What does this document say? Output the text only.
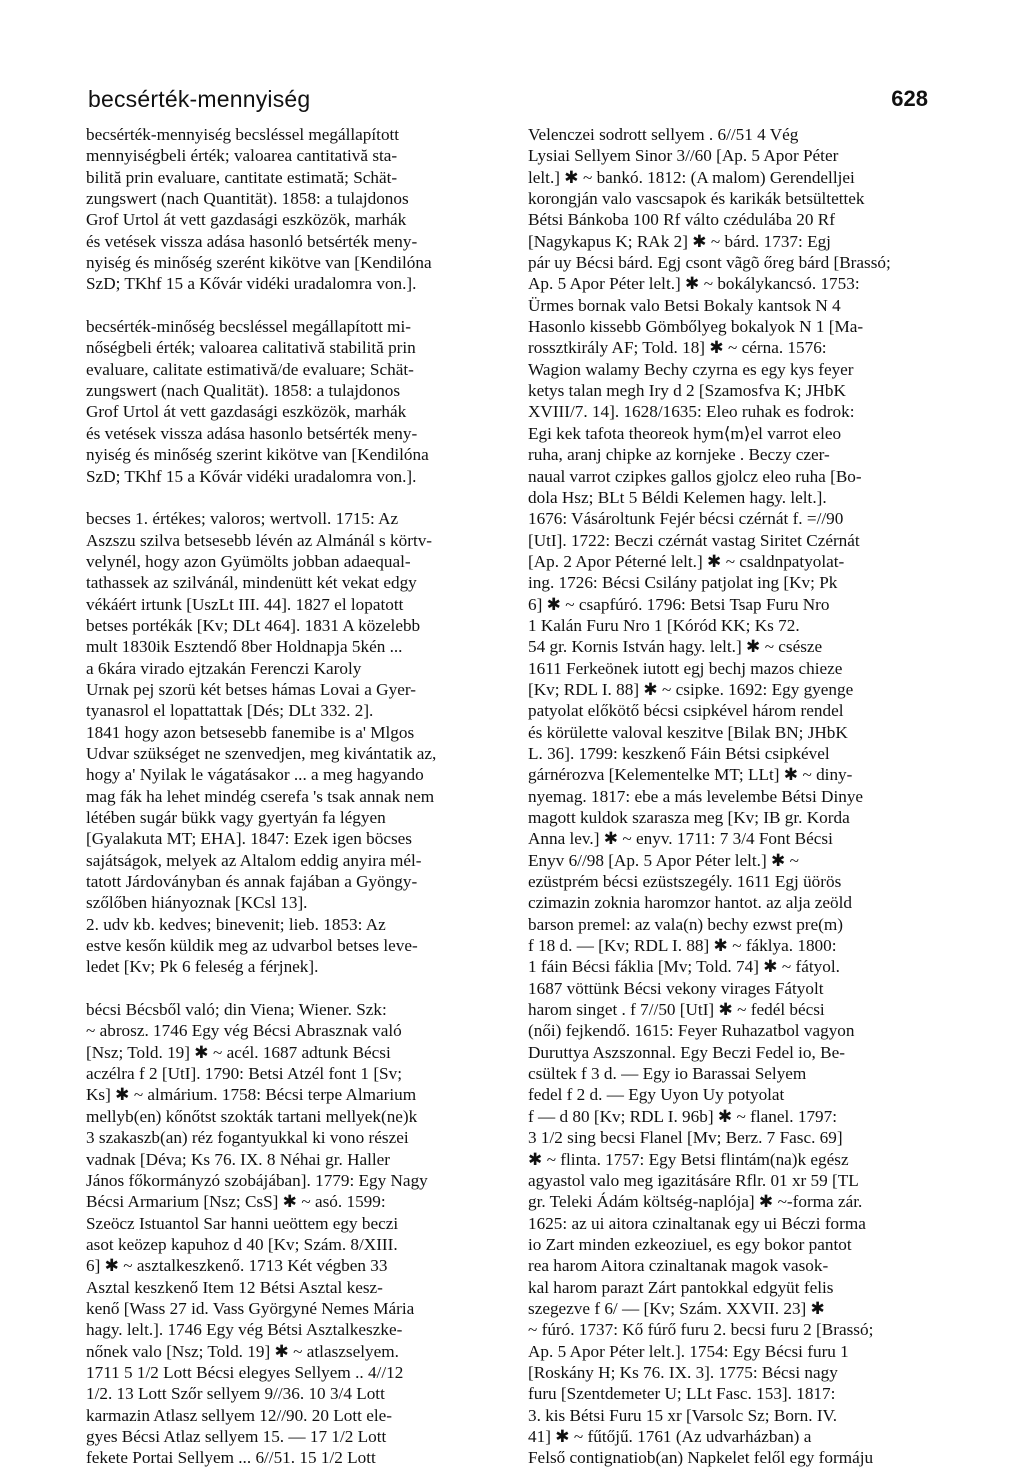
becsérték-mennyiség	628
becsérték-mennyiség becsléssel megállapított
mennyiségbeli érték; valoarea cantitativă sta-
bilită prin evaluare, cantitate estimată; Schät-
zungswert (nach Quantität). 1858: a tulajdonos
Grof Urtol át vett gazdasági eszközök, marhák
és vetések vissza adása hasonló betsérték meny-
nyiség és minőség szerént kikötve van [Kendilóna
SzD; TKhf 15 a Kővár vidéki uradalomra von.].
becsérték-minőség becsléssel megállapított mi-
nőségbeli érték; valoarea calitativă stabilită prin
evaluare, calitate estimativă/de evaluare; Schät-
zungswert (nach Qualität). 1858: a tulajdonos
Grof Urtol át vett gazdasági eszközök, marhák
és vetések vissza adása hasonlo betsérték meny-
nyiség és minőség szerint kikötve van [Kendilóna
SzD; TKhf 15 a Kővár vidéki uradalomra von.].
becses 1. értékes; valoros; wertvoll. 1715: Az
Aszszu szilva betsesebb lévén az Almánál s körtv-
velynél, hogy azon Gyümölts jobban adaequal-
tathassek az szilvánál, mindenütt két vekat edgy
vékáért irtunk [UszLt III. 44]. 1827 el lopatott
betses portékák [Kv; DLt 464]. 1831 A közelebb
mult 1830ik Esztendő 8ber Holdnapja 5kén ...
a 6kára virado ejtzakán Ferenczi Karoly
Urnak pej szorü két betses hámas Lovai a Gyer-
tyanasrol el lopattattak [Dés; DLt 332. 2].
1841 hogy azon betsesebb fanemibe is a' Mlgos
Udvar szükséget ne szenvedjen, meg kivántatik az,
hogy a' Nyilak le vágatásakor ... a meg hagyando
mag fák ha lehet mindég cserefa 's tsak annak nem
létében sugár bükk vagy gyertyán fa légyen
[Gyalakuta MT; EHA]. 1847: Ezek igen böcses
sajátságok, melyek az Altalom eddig anyira mél-
tatott Járdoványban és annak fajában a Gyöngy-
szőlőben hiányoznak [KCsl 13].
2. udv kb. kedves; binevenit; lieb. 1853: Az
estve kesőn küldik meg az udvarbol betses leve-
ledet [Kv; Pk 6 feleség a férjnek].
bécsi Bécsből való; din Viena; Wiener. Szk:
~ abrosz. 1746 Egy vég Bécsi Abrasznak való
[Nsz; Told. 19] ✱ ~ acél. 1687 adtunk Bécsi
aczélra f 2 [UtI]. 1790: Betsi Atzél font 1 [Sv;
Ks] ✱ ~ almárium. 1758: Bécsi terpe Almarium
mellyb(en) kőnőtst szokták tartani mellyek(ne)k
3 szakaszb(an) réz fogantyukkal ki vono részei
vadnak [Déva; Ks 76. IX. 8 Néhai gr. Haller
János főkormányzó szobájában]. 1779: Egy Nagy
Bécsi Armarium [Nsz; CsS] ✱ ~ asó. 1599:
Szeöcz Istuantol Sar hanni ueöttem egy beczi
asot keözep kapuhoz d 40 [Kv; Szám. 8/XIII.
6] ✱ ~ asztalkeszkenő. 1713 Két végben 33
Asztal keszkenő Item 12 Bétsi Asztal kesz-
kenő [Wass 27 id. Vass Györgyné Nemes Mária
hagy. lelt.]. 1746 Egy vég Bétsi Asztalkeszke-
nőnek valo [Nsz; Told. 19] ✱ ~ atlaszselyem.
1711 5 1/2 Lott Bécsi elegyes Sellyem .. 4//12
1/2. 13 Lott Szőr sellyem 9//36. 10 3/4 Lott
karmazin Atlasz sellyem 12//90. 20 Lott ele-
gyes Bécsi Atlaz sellyem 15. — 17 1/2 Lott
fekete Portai Sellyem ... 6//51. 15 1/2 Lott
Velenczei sodrott sellyem . 6//51 4 Vég
Lysiai Sellyem Sinor 3//60 [Ap. 5 Apor Péter
lelt.] ✱ ~ bankó. 1812: (A malom) Gerendelljei
korongján valo vascsapok és karikák betsültettek
Bétsi Bánkoba 100 Rf válto czédulába 20 Rf
[Nagykapus K; RAk 2] ✱ ~ bárd. 1737: Egj
pár uy Bécsi bárd. Egj csont vãgõ őreg bárd [Brassó;
Ap. 5 Apor Péter lelt.] ✱ ~ bokálykancsó. 1753:
Ürmes bornak valo Betsi Bokaly kantsok N 4
Hasonlo kissebb Gömbőlyeg bokalyok N 1 [Ma-
rossztkirály AF; Told. 18] ✱ ~ cérna. 1576:
Wagion walamy Bechy czyrna es egy kys feyer
ketys talan megh Iry d 2 [Szamosfva K; JHbK
XVIII/7. 14]. 1628/1635: Eleo ruhak es fodrok:
Egi kek tafota theoreok hym⟨m⟩el varrot eleo
ruha, aranj chipke az kornjeke . Beczy czer-
naual varrot czipkes gallos gjolcz eleo ruha [Bo-
dola Hsz; BLt 5 Béldi Kelemen hagy. lelt.].
1676: Vásároltunk Fejér bécsi czérnát f. =//90
[UtI]. 1722: Beczi czérnát vastag Siritet Czérnát
[Ap. 2 Apor Péterné lelt.] ✱ ~ csaldnpatyolat-
ing. 1726: Bécsi Csilány patjolat ing [Kv; Pk
6] ✱ ~ csapfúró. 1796: Betsi Tsap Furu Nro
1 Kalán Furu Nro 1 [Kóród KK; Ks 72.
54 gr. Kornis István hagy. lelt.] ✱ ~ csésze
1611 Ferkeönek iutott egj bechj mazos chieze
[Kv; RDL I. 88] ✱ ~ csipke. 1692: Egy gyenge
patyolat előkötő bécsi csipkével három rendel
és körülette valoval keszitve [Bilak BN; JHbK
L. 36]. 1799: keszkenő Fáin Bétsi csipkével
gárnérozva [Kelementelke MT; LLt] ✱ ~ diny-
nyemag. 1817: ebe a más levelembe Bétsi Dinye
magott kuldok szarasza meg [Kv; IB gr. Korda
Anna lev.] ✱ ~ enyv. 1711: 7 3/4 Font Bécsi
Enyv 6//98 [Ap. 5 Apor Péter lelt.] ✱ ~
ezüstprém bécsi ezüstszegély. 1611 Egj üörös
czimazin zoknia haromzor hantot. az alja zeöld
barson premel: az vala(n) bechy ezwst pre(m)
f 18 d. — [Kv; RDL I. 88] ✱ ~ fáklya. 1800:
1 fáin Bécsi fáklia [Mv; Told. 74] ✱ ~ fátyol.
1687 vöttünk Bécsi vekony virages Fátyolt
harom singet . f 7//50 [UtI] ✱ ~ fedél bécsi
(női) fejkendő. 1615: Feyer Ruhazatbol vagyon
Duruttya Aszszonnal. Egy Beczi Fedel io, Be-
csültek f 3 d. — Egy io Barassai Selyem
fedel f 2 d. — Egy Uyon Uy potyolat
f — d 80 [Kv; RDL I. 96b] ✱ ~ flanel. 1797:
3 1/2 sing becsi Flanel [Mv; Berz. 7 Fasc. 69]
✱ ~ flinta. 1757: Egy Betsi flintám(na)k egész
agyastol valo meg igazitásáre Rflr. 01 xr 59 [TL
gr. Teleki Ádám költség-naplója] ✱ ~-forma zár.
1625: az ui aitora czinaltanak egy ui Béczi forma
io Zart minden ezkeoziuel, es egy bokor pantot
rea harom Aitora czinaltanak magok vasok-
kal harom parazt Zárt pantokkal edgyüt felis
szegezve f 6/ — [Kv; Szám. XXVII. 23] ✱
~ fúró. 1737: Kő fúrő furu 2. becsi furu 2 [Brassó;
Ap. 5 Apor Péter lelt.]. 1754: Egy Bécsi furu 1
[Roskány H; Ks 76. IX. 3]. 1775: Bécsi nagy
furu [Szentdemeter U; LLt Fasc. 153]. 1817:
3. kis Bétsi Furu 15 xr [Varsolc Sz; Born. IV.
41] ✱ ~ fűtőjű. 1761 (Az udvarházban) a
Felső contignatiob(an) Napkelet felől egy formáju
